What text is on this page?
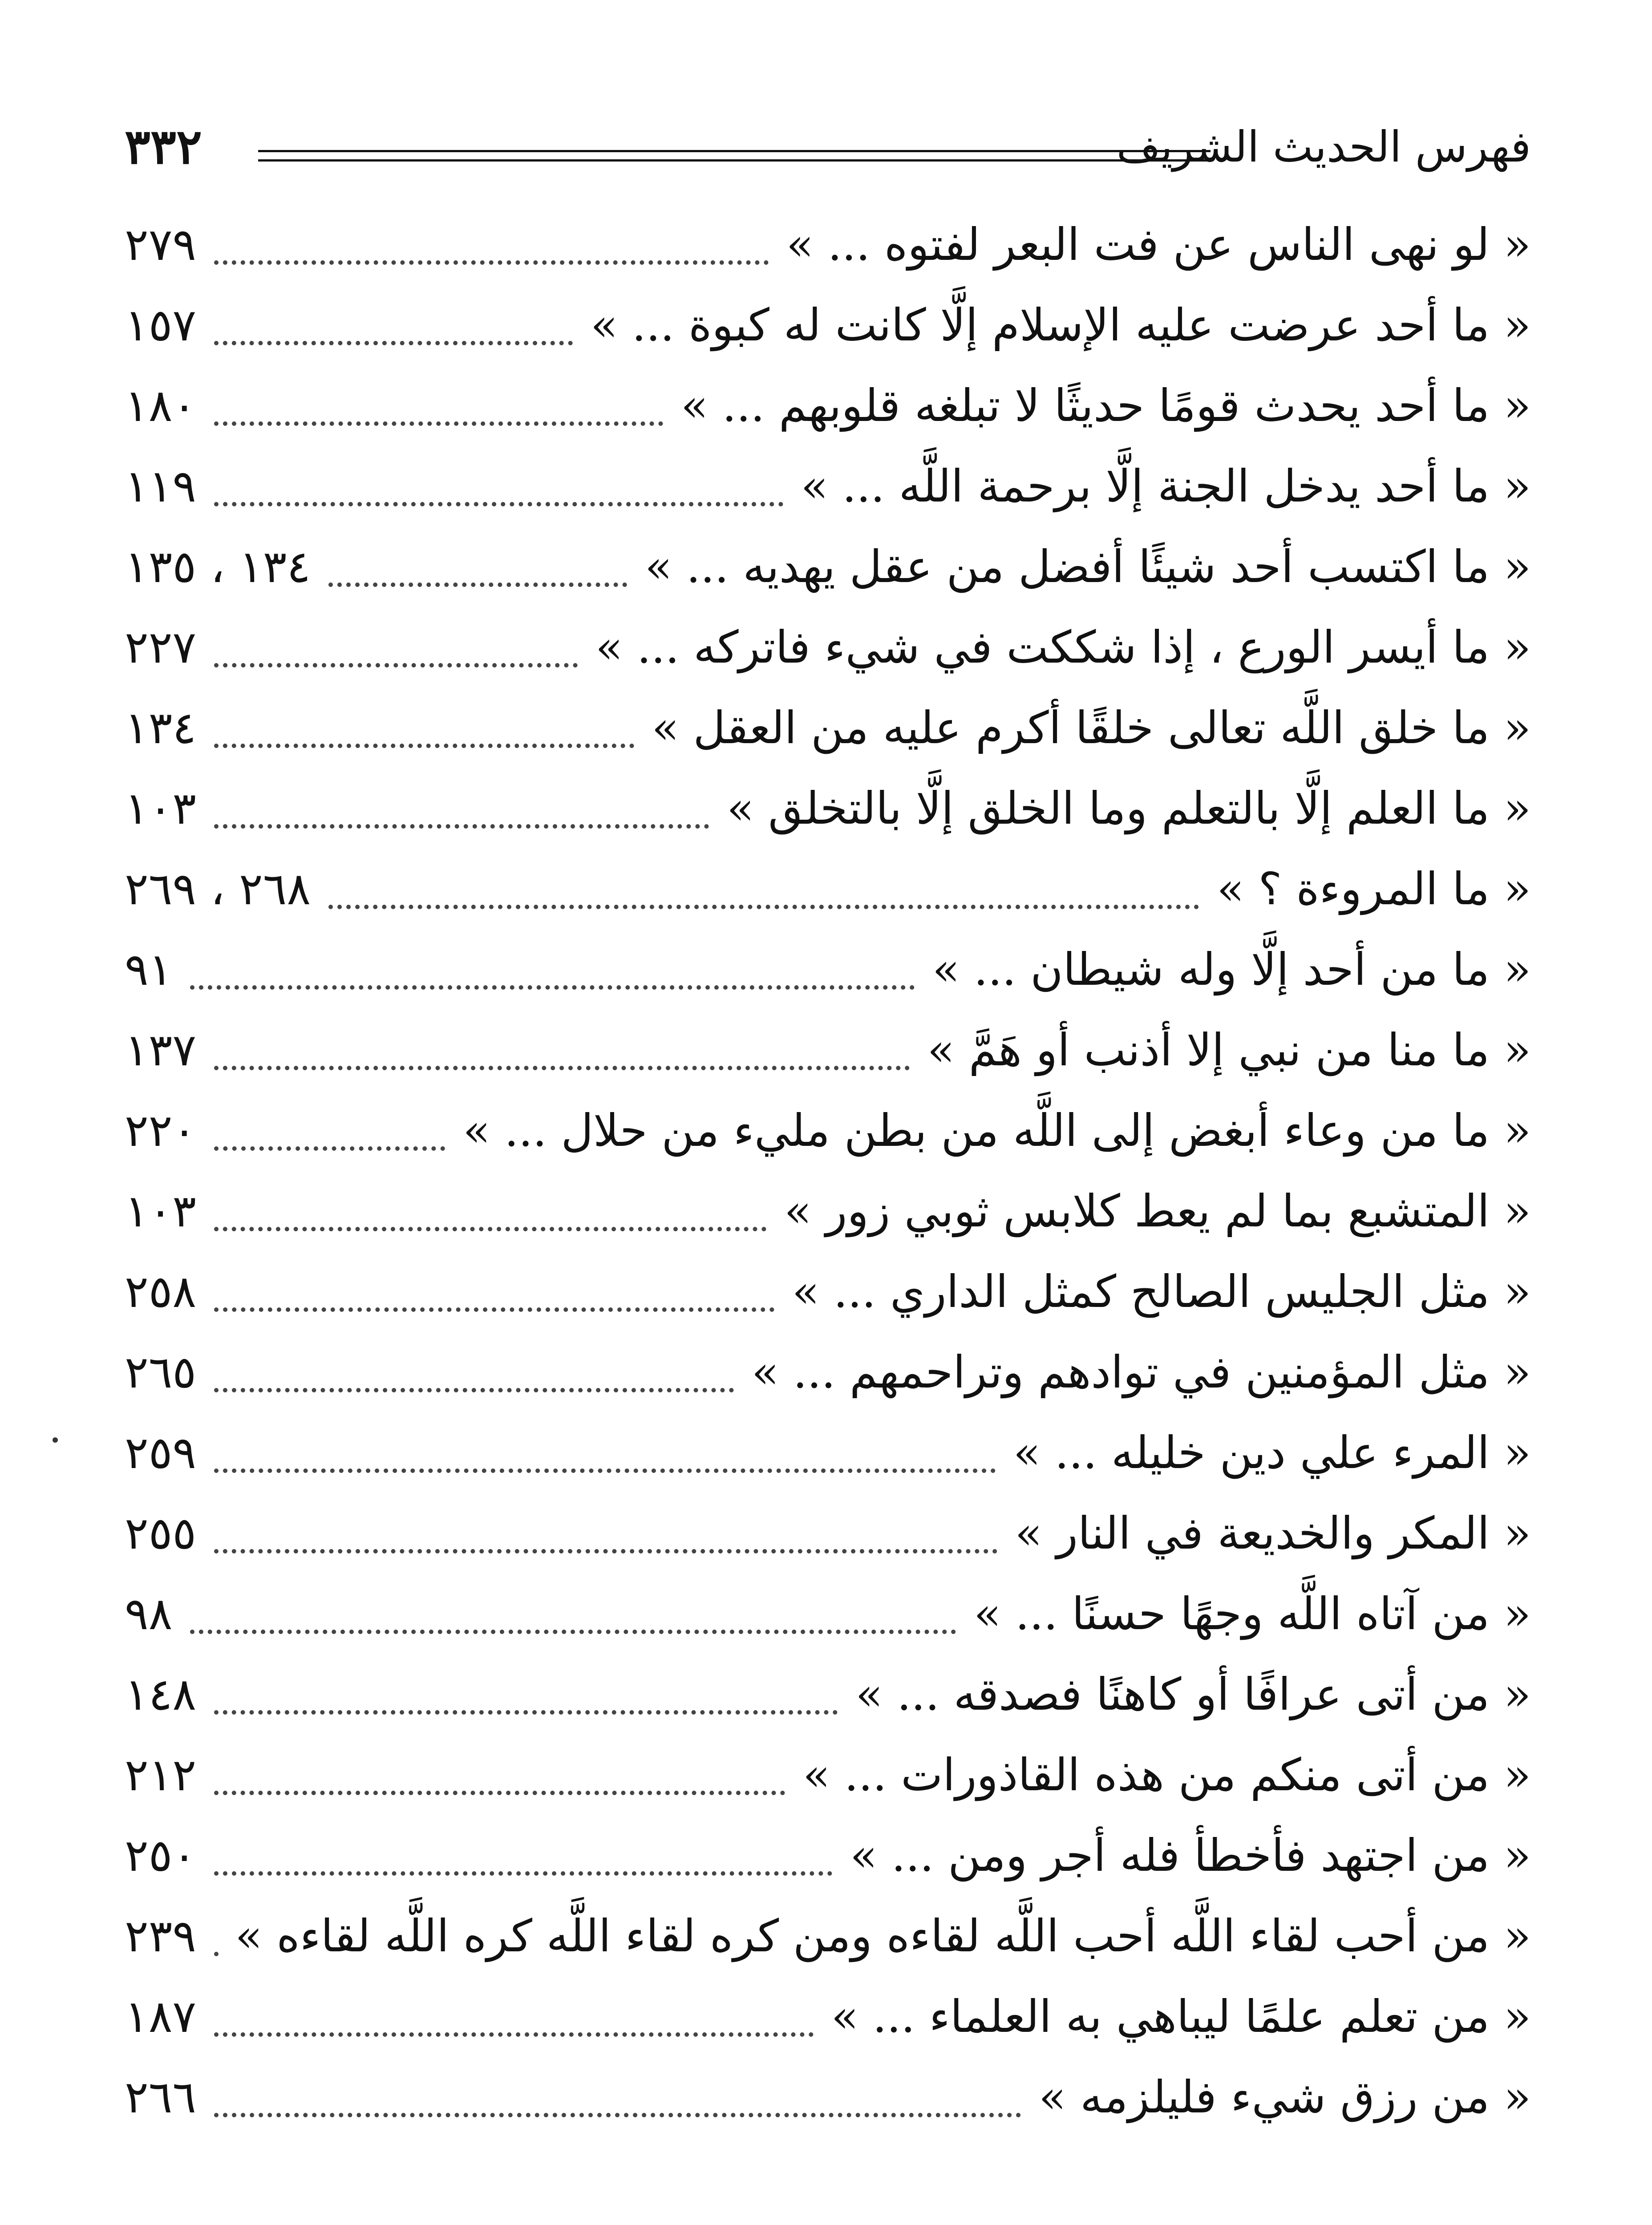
٣٣٢	فهرس الحديث الشريف
« لو نهى الناس عن فت البعر لفتوه ... »
٢٧٩
« ما أحد عرضت عليه الإسلام إلَّا كانت له كبوة ... »
١٥٧
« ما أحد يحدث قومًا حديثًا لا تبلغه قلوبهم ... »
١٨٠
« ما أحد يدخل الجنة إلَّا برحمة اللَّه ... »
١١٩
« ما اكتسب أحد شيئًا أفضل من عقل يهديه ... »
١٣٤ ، ١٣٥
« ما أيسر الورع ، إذا شككت في شيء فاتركه ... »
٢٢٧
« ما خلق اللَّه تعالى خلقًا أكرم عليه من العقل »
١٣٤
« ما العلم إلَّا بالتعلم وما الخلق إلَّا بالتخلق »
١٠٣
« ما المروءة ؟ »
٢٦٨ ، ٢٦٩
« ما من أحد إلَّا وله شيطان ... »
٩١
« ما منا من نبي إلا أذنب أو هَمَّ »
١٣٧
« ما من وعاء أبغض إلى اللَّه من بطن مليء من حلال ... »
٢٢٠
« المتشبع بما لم يعط كلابس ثوبي زور »
١٠٣
« مثل الجليس الصالح كمثل الداري ... »
٢٥٨
« مثل المؤمنين في توادهم وتراحمهم ... »
٢٦٥
« المرء علي دين خليله ... »
٢٥٩
« المكر والخديعة في النار »
٢٥٥
« من آتاه اللَّه وجهًا حسنًا ... »
٩٨
« من أتى عرافًا أو كاهنًا فصدقه ... »
١٤٨
« من أتى منكم من هذه القاذورات ... »
٢١٢
« من اجتهد فأخطأ فله أجر ومن ... »
٢٥٠
« من أحب لقاء اللَّه أحب اللَّه لقاءه ومن كره لقاء اللَّه كره اللَّه لقاءه »
٢٣٩
« من تعلم علمًا ليباهي به العلماء ... »
١٨٧
« من رزق شيء فليلزمه »
٢٦٦
